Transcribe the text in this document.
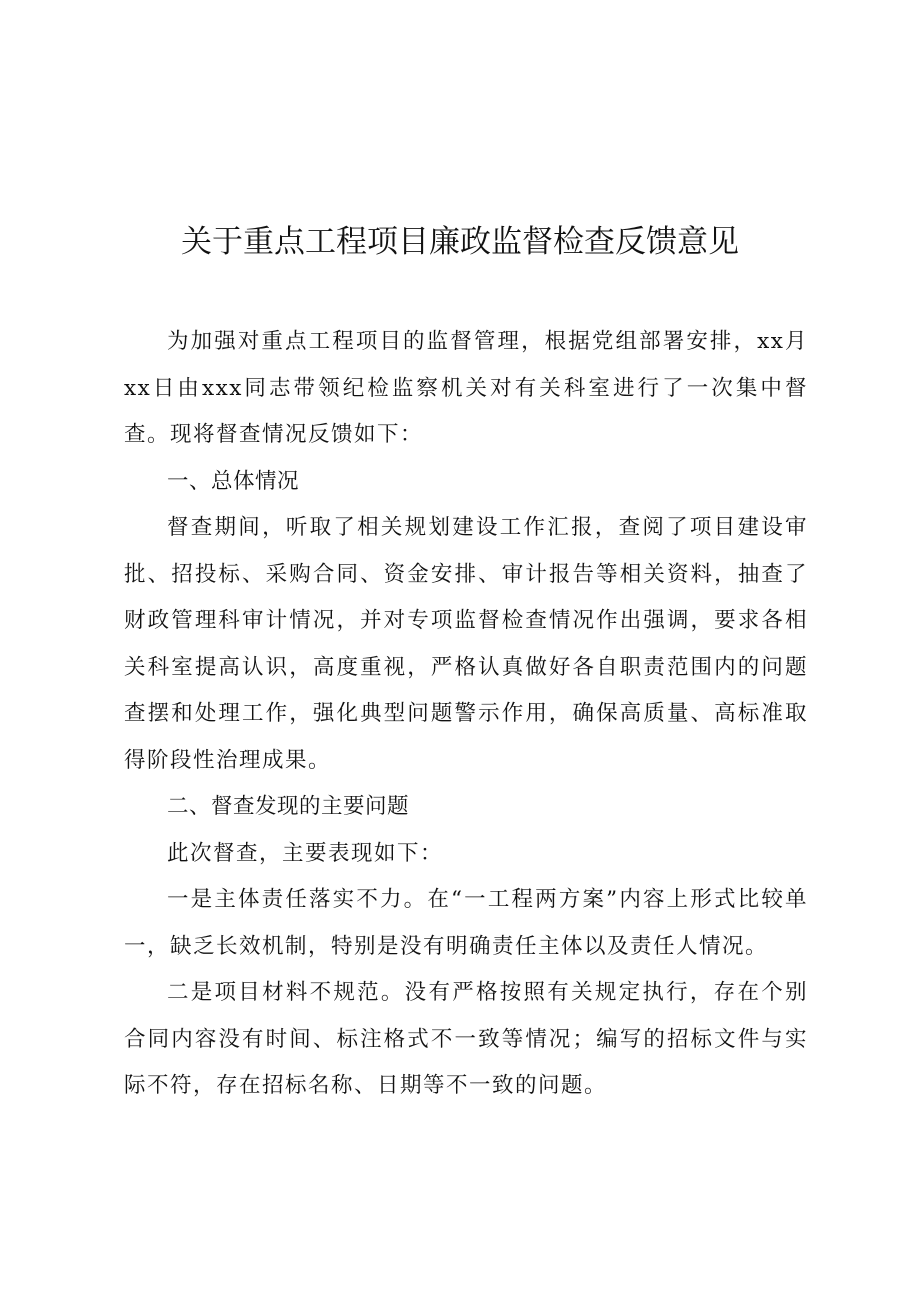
关于重点工程项目廉政监督检查反馈意见

为加强对重点工程项目的监督管理，根据党组部署安排，xx月xx日由xxx同志带领纪检监察机关对有关科室进行了一次集中督查。现将督查情况反馈如下：

一、总体情况

督查期间，听取了相关规划建设工作汇报，查阅了项目建设审批、招投标、采购合同、资金安排、审计报告等相关资料，抽查了财政管理科审计情况，并对专项监督检查情况作出强调，要求各相关科室提高认识，高度重视，严格认真做好各自职责范围内的问题查摆和处理工作，强化典型问题警示作用，确保高质量、高标准取得阶段性治理成果。

二、督查发现的主要问题

此次督查，主要表现如下：

一是主体责任落实不力。在“一工程两方案”内容上形式比较单一，缺乏长效机制，特别是没有明确责任主体以及责任人情况。

二是项目材料不规范。没有严格按照有关规定执行，存在个别合同内容没有时间、标注格式不一致等情况；编写的招标文件与实际不符，存在招标名称、日期等不一致的问题。
